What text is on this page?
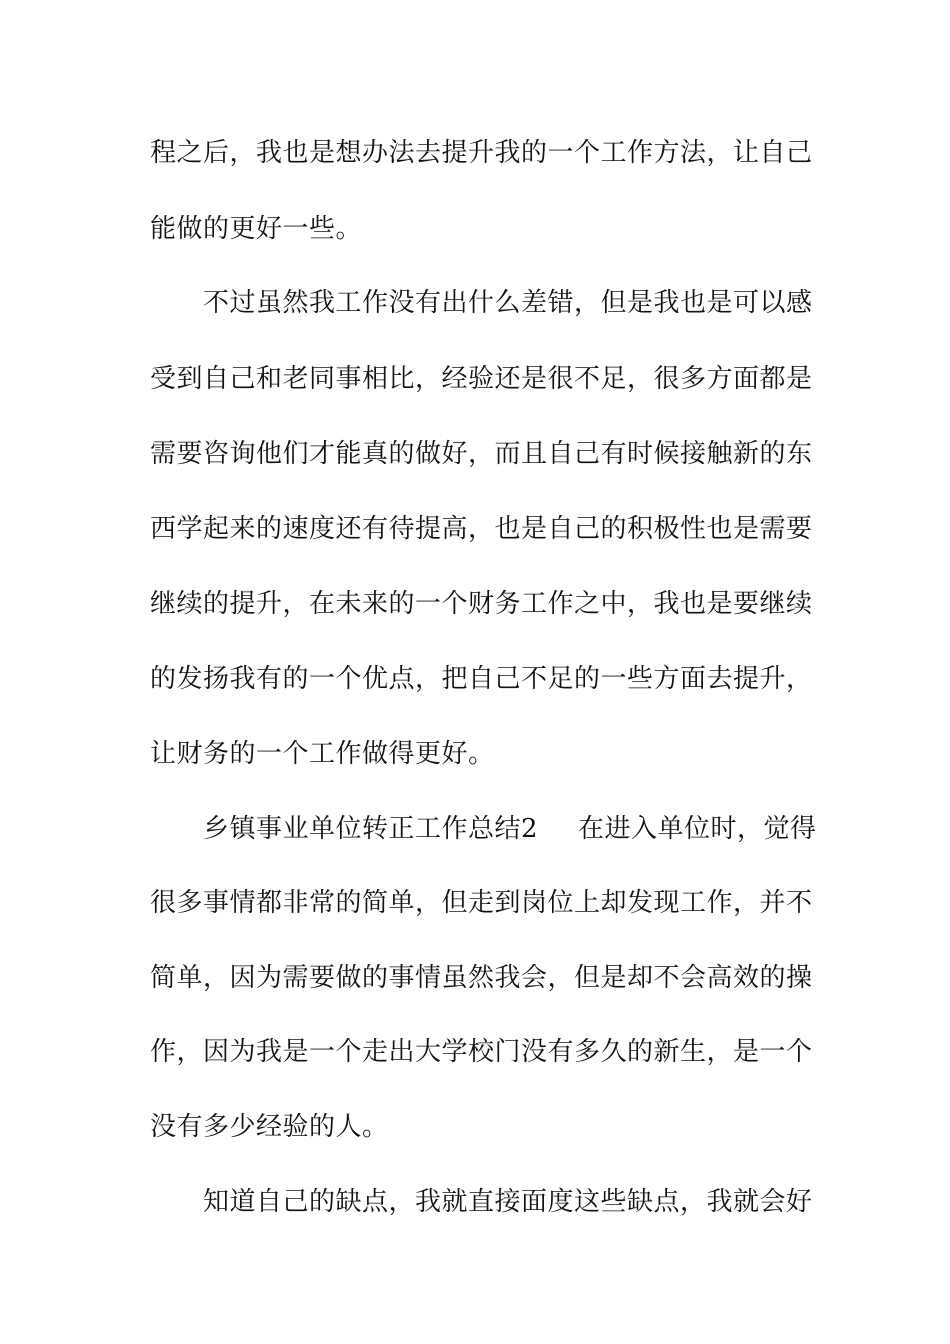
程之后，我也是想办法去提升我的一个工作方法，让自己
能做的更好一些。
不过虽然我工作没有出什么差错，但是我也是可以感
受到自己和老同事相比，经验还是很不足，很多方面都是
需要咨询他们才能真的做好，而且自己有时候接触新的东
西学起来的速度还有待提高，也是自己的积极性也是需要
继续的提升，在未来的一个财务工作之中，我也是要继续
的发扬我有的一个优点，把自己不足的一些方面去提升，
让财务的一个工作做得更好。
乡镇事业单位转正工作总结2 在进入单位时，觉得
很多事情都非常的简单，但走到岗位上却发现工作，并不
简单，因为需要做的事情虽然我会，但是却不会高效的操
作，因为我是一个走出大学校门没有多久的新生，是一个
没有多少经验的人。
知道自己的缺点，我就直接面度这些缺点，我就会好
